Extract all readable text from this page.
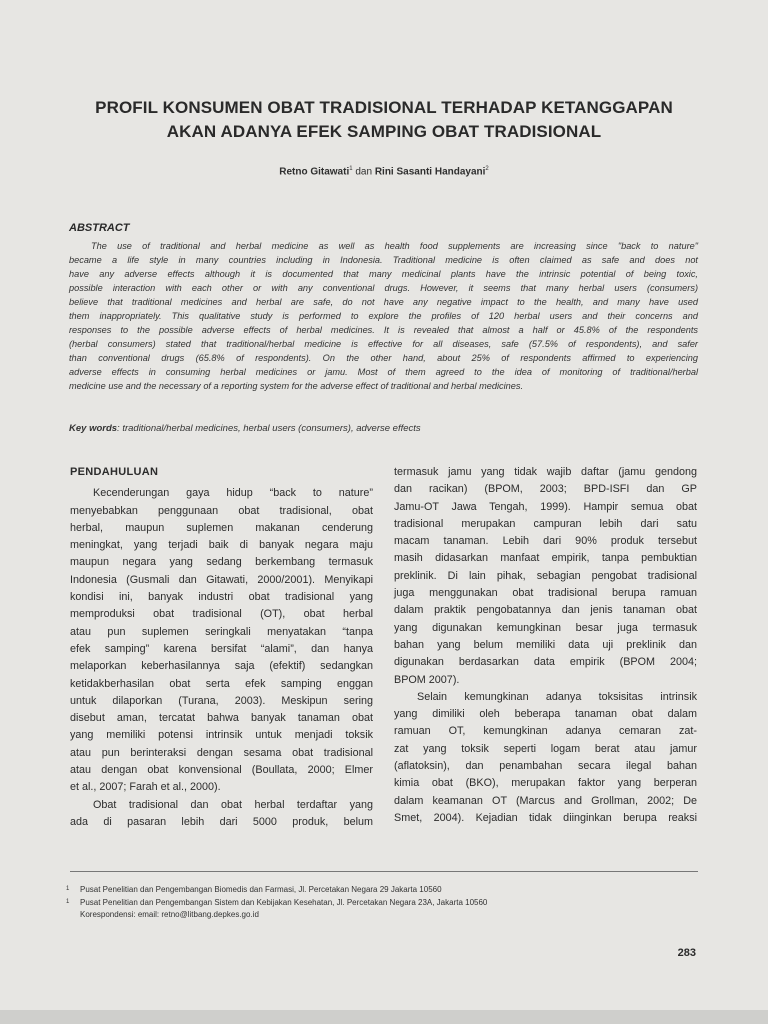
PROFIL KONSUMEN OBAT TRADISIONAL TERHADAP KETANGGAPAN
AKAN ADANYA EFEK SAMPING OBAT TRADISIONAL
Retno Gitawati$^1$ dan Rini Sasanti Handayani$^2$
ABSTRACT
The use of traditional and herbal medicine as well as health food supplements are increasing since "back to nature"
became a life style in many countries including in Indonesia. Traditional medicine is often claimed as safe and does not
have any adverse effects although it is documented that many medicinal plants have the intrinsic potential of being toxic,
possible interaction with each other or with any conventional drugs. However, it seems that many herbal users (consumers)
believe that traditional medicines and herbal are safe, do not have any negative impact to the health, and many have used
them inappropriately. This qualitative study is performed to explore the profiles of 120 herbal users and their concerns and
responses to the possible adverse effects of herbal medicines. It is revealed that almost a half or 45.8% of the respondents
(herbal consumers) stated that traditional/herbal medicine is effective for all diseases, safe (57.5% of respondents), and safer
than conventional drugs (65.8% of respondents). On the other hand, about 25% of respondents affirmed to experiencing
adverse effects in consuming herbal medicines or jamu. Most of them agreed to the idea of monitoring of traditional/herbal
medicine use and the necessary of a reporting system for the adverse effect of traditional and herbal medicines.
Key words: traditional/herbal medicines, herbal users (consumers), adverse effects
PENDAHULUAN
Kecenderungan gaya hidup “back to nature”
menyebabkan penggunaan obat tradisional, obat
herbal, maupun suplemen makanan cenderung
meningkat, yang terjadi baik di banyak negara maju
maupun negara yang sedang berkembang termasuk
Indonesia (Gusmali dan Gitawati, 2000/2001). Menyikapi
kondisi ini, banyak industri obat tradisional yang
memproduksi obat tradisional (OT), obat herbal
atau pun suplemen seringkali menyatakan “tanpa
efek samping” karena bersifat “alami”, dan hanya
melaporkan keberhasilannya saja (efektif) sedangkan
ketidakberhasilan obat serta efek samping enggan
untuk dilaporkan (Turana, 2003). Meskipun sering
disebut aman, tercatat bahwa banyak tanaman obat
yang memiliki potensi intrinsik untuk menjadi toksik
atau pun berinteraksi dengan sesama obat tradisional
atau dengan obat konvensional (Boullata, 2000; Elmer
et al., 2007; Farah et al., 2000).
Obat tradisional dan obat herbal terdaftar yang
ada di pasaran lebih dari 5000 produk, belum
termasuk jamu yang tidak wajib daftar (jamu gendong
dan racikan) (BPOM, 2003; BPD-ISFI dan GP
Jamu-OT Jawa Tengah, 1999). Hampir semua obat
tradisional merupakan campuran lebih dari satu
macam tanaman. Lebih dari 90% produk tersebut
masih didasarkan manfaat empirik, tanpa pembuktian
preklinik. Di lain pihak, sebagian pengobat tradisional
juga menggunakan obat tradisional berupa ramuan
dalam praktik pengobatannya dan jenis tanaman obat
yang digunakan kemungkinan besar juga termasuk
bahan yang belum memiliki data uji preklinik dan
digunakan berdasarkan data empirik (BPOM 2004;
BPOM 2007).
Selain kemungkinan adanya toksisitas intrinsik
yang dimiliki oleh beberapa tanaman obat dalam
ramuan OT, kemungkinan adanya cemaran zat-
zat yang toksik seperti logam berat atau jamur
(aflatoksin), dan penambahan secara ilegal bahan
kimia obat (BKO), merupakan faktor yang berperan
dalam keamanan OT (Marcus and Grollman, 2002; De
Smet, 2004). Kejadian tidak diinginkan berupa reaksi
1 Pusat Penelitian dan Pengembangan Biomedis dan Farmasi, Jl. Percetakan Negara 29 Jakarta 10560
1 Pusat Penelitian dan Pengembangan Sistem dan Kebijakan Kesehatan, Jl. Percetakan Negara 23A, Jakarta 10560
Korespondensi: email: retno@litbang.depkes.go.id
283
